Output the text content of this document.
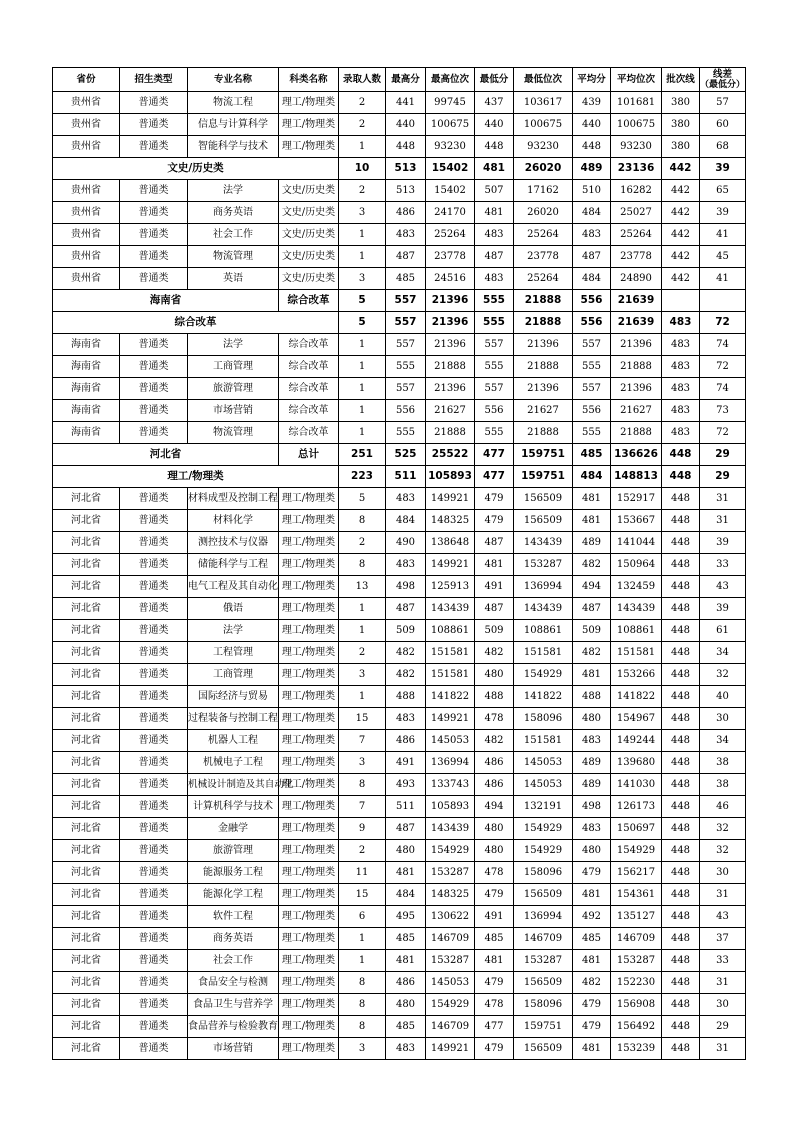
省份	招生类型	专业名称	科类名称	录取人数	最高分	最高位次	最低分	最低位次	平均分	平均位次	批次线	线差
（最低分）

贵州省	普通类	物流工程	理工/物理类	2	441	99745	437	103617	439	101681	380	57
贵州省	普通类	信息与计算科学	理工/物理类	2	440	100675	440	100675	440	100675	380	60
贵州省	普通类	智能科学与技术	理工/物理类	1	448	93230	448	93230	448	93230	380	68
文史/历史类				10	513	15402	481	26020	489	23136	442	39
贵州省	普通类	法学	文史/历史类	2	513	15402	507	17162	510	16282	442	65
贵州省	普通类	商务英语	文史/历史类	3	486	24170	481	26020	484	25027	442	39
贵州省	普通类	社会工作	文史/历史类	1	483	25264	483	25264	483	25264	442	41
贵州省	普通类	物流管理	文史/历史类	1	487	23778	487	23778	487	23778	442	45
贵州省	普通类	英语	文史/历史类	3	485	24516	483	25264	484	24890	442	41
海南省			综合改革	5	557	21396	555	21888	556	21639		
综合改革				5	557	21396	555	21888	556	21639	483	72
海南省	普通类	法学	综合改革	1	557	21396	557	21396	557	21396	483	74
海南省	普通类	工商管理	综合改革	1	555	21888	555	21888	555	21888	483	72
海南省	普通类	旅游管理	综合改革	1	557	21396	557	21396	557	21396	483	74
海南省	普通类	市场营销	综合改革	1	556	21627	556	21627	556	21627	483	73
海南省	普通类	物流管理	综合改革	1	555	21888	555	21888	555	21888	483	72
河北省			总计	251	525	25522	477	159751	485	136626	448	29
理工/物理类				223	511	105893	477	159751	484	148813	448	29
河北省	普通类	材料成型及控制工程	理工/物理类	5	483	149921	479	156509	481	152917	448	31
河北省	普通类	材料化学	理工/物理类	8	484	148325	479	156509	481	153667	448	31
河北省	普通类	测控技术与仪器	理工/物理类	2	490	138648	487	143439	489	141044	448	39
河北省	普通类	储能科学与工程	理工/物理类	8	483	149921	481	153287	482	150964	448	33
河北省	普通类	电气工程及其自动化	理工/物理类	13	498	125913	491	136994	494	132459	448	43
河北省	普通类	俄语	理工/物理类	1	487	143439	487	143439	487	143439	448	39
河北省	普通类	法学	理工/物理类	1	509	108861	509	108861	509	108861	448	61
河北省	普通类	工程管理	理工/物理类	2	482	151581	482	151581	482	151581	448	34
河北省	普通类	工商管理	理工/物理类	3	482	151581	480	154929	481	153266	448	32
河北省	普通类	国际经济与贸易	理工/物理类	1	488	141822	488	141822	488	141822	448	40
河北省	普通类	过程装备与控制工程	理工/物理类	15	483	149921	478	158096	480	154967	448	30
河北省	普通类	机器人工程	理工/物理类	7	486	145053	482	151581	483	149244	448	34
河北省	普通类	机械电子工程	理工/物理类	3	491	136994	486	145053	489	139680	448	38
河北省	普通类	机械设计制造及其自动化	理工/物理类	8	493	133743	486	145053	489	141030	448	38
河北省	普通类	计算机科学与技术	理工/物理类	7	511	105893	494	132191	498	126173	448	46
河北省	普通类	金融学	理工/物理类	9	487	143439	480	154929	483	150697	448	32
河北省	普通类	旅游管理	理工/物理类	2	480	154929	480	154929	480	154929	448	32
河北省	普通类	能源服务工程	理工/物理类	11	481	153287	478	158096	479	156217	448	30
河北省	普通类	能源化学工程	理工/物理类	15	484	148325	479	156509	481	154361	448	31
河北省	普通类	软件工程	理工/物理类	6	495	130622	491	136994	492	135127	448	43
河北省	普通类	商务英语	理工/物理类	1	485	146709	485	146709	485	146709	448	37
河北省	普通类	社会工作	理工/物理类	1	481	153287	481	153287	481	153287	448	33
河北省	普通类	食品安全与检测	理工/物理类	8	486	145053	479	156509	482	152230	448	31
河北省	普通类	食品卫生与营养学	理工/物理类	8	480	154929	478	158096	479	156908	448	30
河北省	普通类	食品营养与检验教育	理工/物理类	8	485	146709	477	159751	479	156492	448	29
河北省	普通类	市场营销	理工/物理类	3	483	149921	479	156509	481	153239	448	31
